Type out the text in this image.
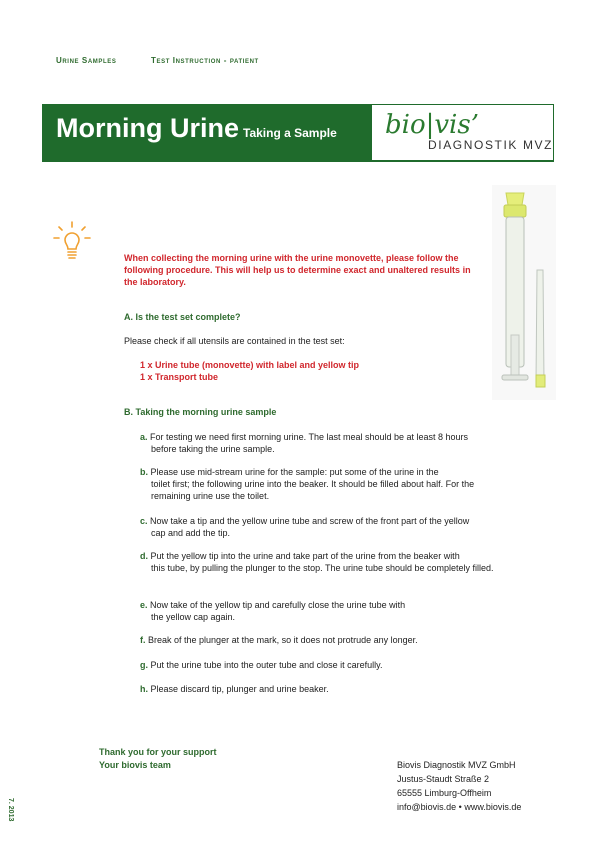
Urine Samples	Test Instruction - patient
Morning Urine Taking a Sample bio|vis’
DIAGNOSTIK MVZ
When collecting the morning urine with the urine monovette, please follow the following procedure. This will help us to determine exact and unaltered results in the laboratory.
A. Is the test set complete?
Please check if all utensils are contained in the test set:
1 x Urine tube (monovette) with label and yellow tip
1 x Transport tube
B. Taking the morning urine sample
a. For testing we need first morning urine. The last meal should be at least 8 hours
before taking the urine sample.
b. Please use mid-stream urine for the sample: put some of the urine in the
toilet first; the following urine into the beaker. It should be filled about half. For the remaining urine use the toilet.
c. Now take a tip and the yellow urine tube and screw of the front part of the yellow
cap and add the tip.
d. Put the yellow tip into the urine and take part of the urine from the beaker with
this tube, by pulling the plunger to the stop. The urine tube should be completely filled.
e. Now take of the yellow tip and carefully close the urine tube with
the yellow cap again.
f. Break of the plunger at the mark, so it does not protrude any longer.
g. Put the urine tube into the outer tube and close it carefully.
h. Please discard tip, plunger and urine beaker.
Thank you for your support
Your biovis team	Biovis Diagnostik MVZ GmbH
Justus-Staudt Straße 2
65555 Limburg-Offheim
info@biovis.de • www.biovis.de
7. 2013
